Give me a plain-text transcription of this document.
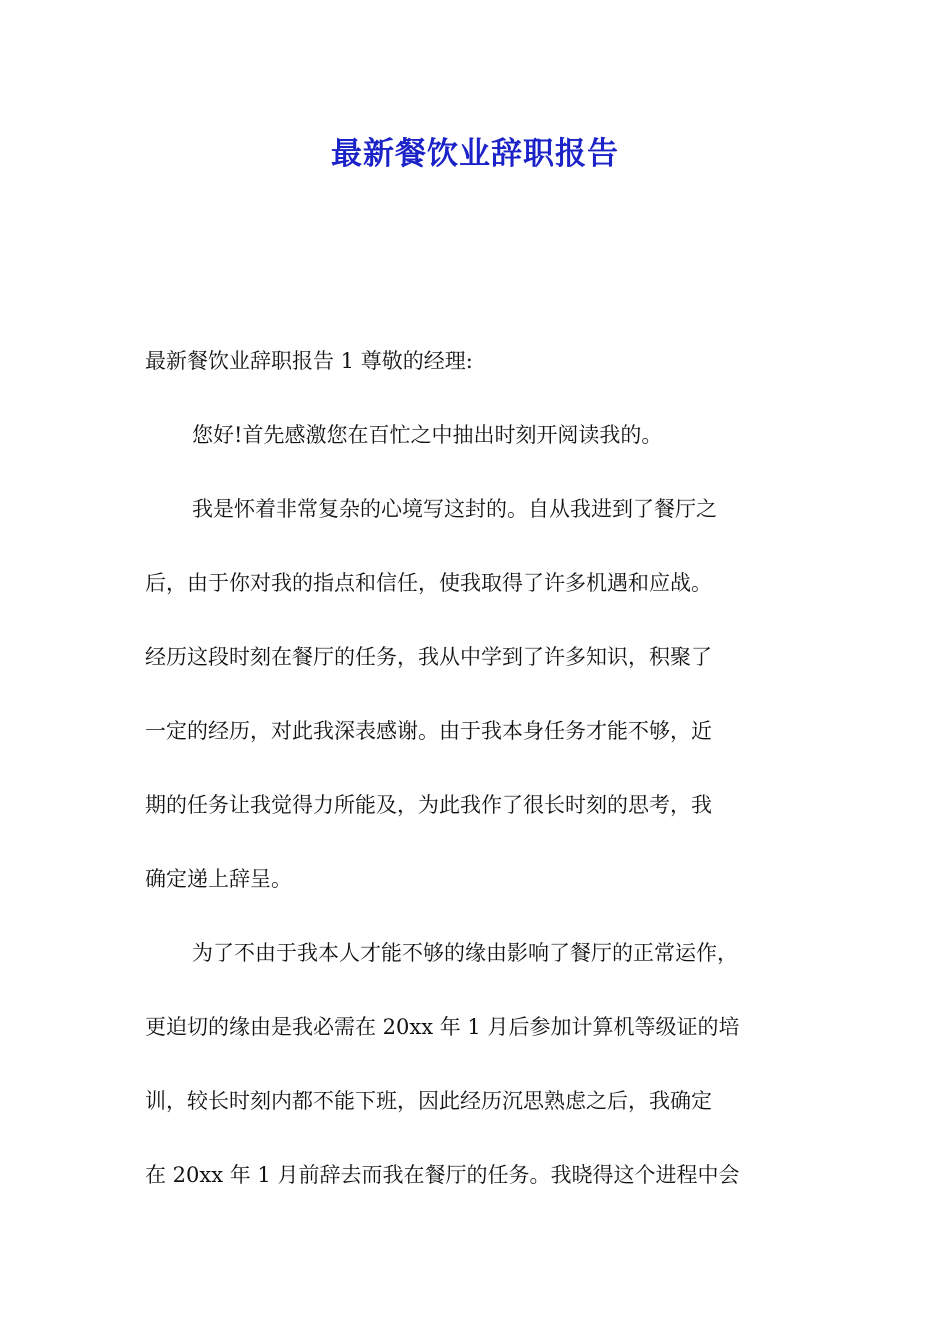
最新餐饮业辞职报告

最新餐饮业辞职报告 1 尊敬的经理:

您好!首先感激您在百忙之中抽出时刻开阅读我的。

我是怀着非常复杂的心境写这封的。自从我进到了餐厅之

后，由于你对我的指点和信任，使我取得了许多机遇和应战。

经历这段时刻在餐厅的任务，我从中学到了许多知识，积聚了

一定的经历，对此我深表感谢。由于我本身任务才能不够，近

期的任务让我觉得力所能及，为此我作了很长时刻的思考，我

确定递上辞呈。

为了不由于我本人才能不够的缘由影响了餐厅的正常运作，

更迫切的缘由是我必需在 20xx 年 1 月后参加计算机等级证的培

训，较长时刻内都不能下班，因此经历沉思熟虑之后，我确定

在 20xx 年 1 月前辞去而我在餐厅的任务。我晓得这个进程中会
